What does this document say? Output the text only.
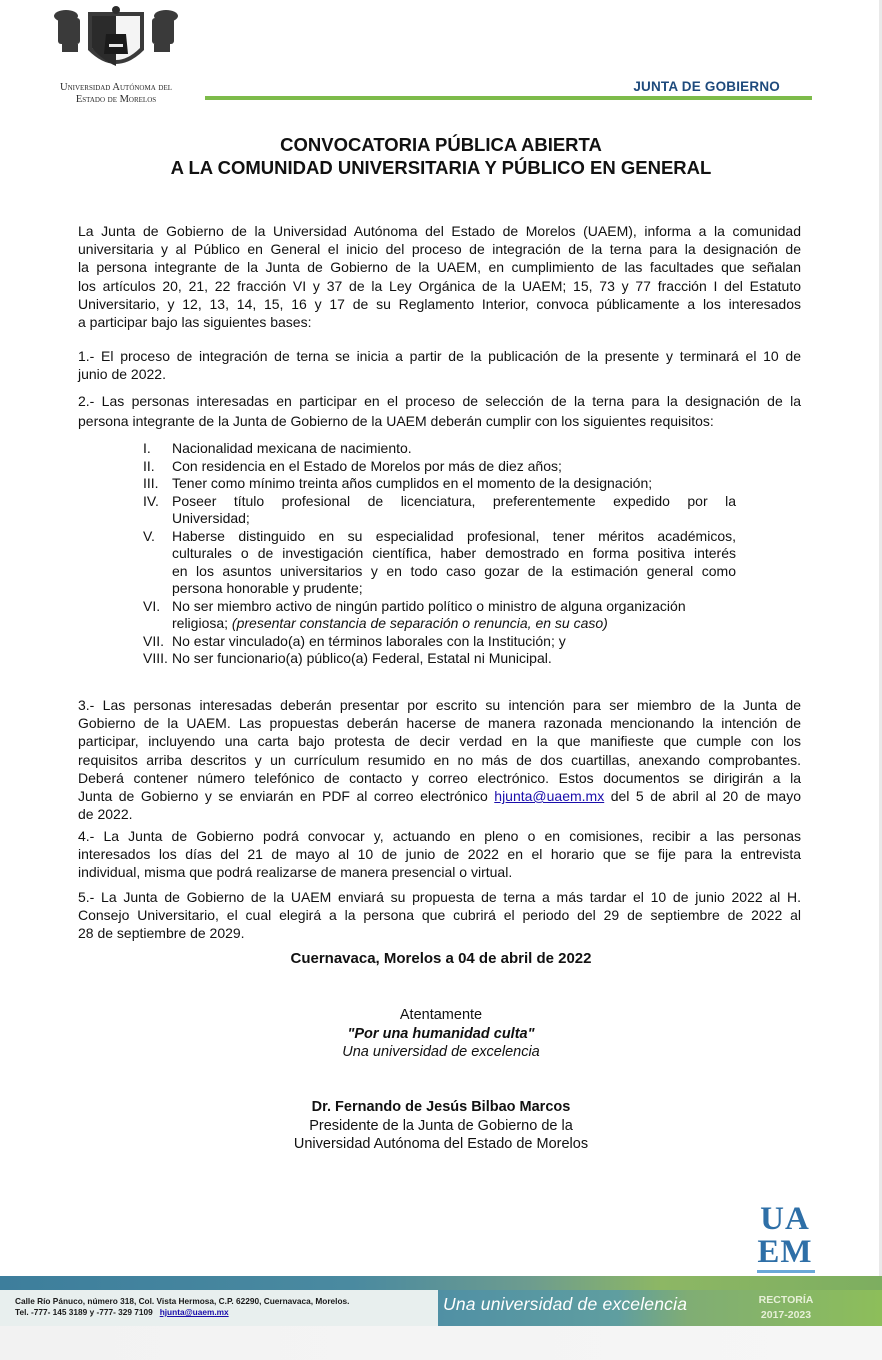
Universidad Autónoma del
Estado de Morelos
JUNTA DE GOBIERNO
CONVOCATORIA PÚBLICA ABIERTA
A LA COMUNIDAD UNIVERSITARIA Y PÚBLICO EN GENERAL
La Junta de Gobierno de la Universidad Autónoma del Estado de Morelos (UAEM), informa a la comunidad
universitaria y al Público en General el inicio del proceso de integración de la terna para la designación de
la persona integrante de la Junta de Gobierno de la UAEM, en cumplimiento de las facultades que señalan
los artículos 20, 21, 22 fracción VI y 37 de la Ley Orgánica de la UAEM; 15, 73 y 77 fracción I del Estatuto
Universitario, y 12, 13, 14, 15, 16 y 17 de su Reglamento Interior, convoca públicamente a los interesados
a participar bajo las siguientes bases:
1.- El proceso de integración de terna se inicia a partir de la publicación de la presente y terminará el 10 de
junio de 2022.
2.- Las personas interesadas en participar en el proceso de selección de la terna para la designación de la
persona integrante de la Junta de Gobierno de la UAEM deberán cumplir con los siguientes requisitos:
I.	Nacionalidad mexicana de nacimiento.
II.	Con residencia en el Estado de Morelos por más de diez años;
III. Tener como mínimo treinta años cumplidos en el momento de la designación;
IV. Poseer título profesional de licenciatura, preferentemente expedido por la
Universidad;
V.	Haberse distinguido en su especialidad profesional, tener méritos académicos,
culturales o de investigación científica, haber demostrado en forma positiva interés
en los asuntos universitarios y en todo caso gozar de la estimación general como
persona honorable y prudente;
VI. No ser miembro activo de ningún partido político o ministro de alguna organización
religiosa; (presentar constancia de separación o renuncia, en su caso)
VII. No estar vinculado(a) en términos laborales con la Institución; y
VIII. No ser funcionario(a) público(a) Federal, Estatal ni Municipal.
3.- Las personas interesadas deberán presentar por escrito su intención para ser miembro de la Junta de
Gobierno de la UAEM. Las propuestas deberán hacerse de manera razonada mencionando la intención de
participar, incluyendo una carta bajo protesta de decir verdad en la que manifieste que cumple con los
requisitos arriba descritos y un currículum resumido en no más de dos cuartillas, anexando comprobantes.
Deberá contener número telefónico de contacto y correo electrónico. Estos documentos se dirigirán a la
Junta de Gobierno y se enviarán en PDF al correo electrónico hjunta@uaem.mx del 5 de abril al 20 de mayo
de 2022.
4.- La Junta de Gobierno podrá convocar y, actuando en pleno o en comisiones, recibir a las personas
interesados los días del 21 de mayo al 10 de junio de 2022 en el horario que se fije para la entrevista
individual, misma que podrá realizarse de manera presencial o virtual.
5.- La Junta de Gobierno de la UAEM enviará su propuesta de terna a más tardar el 10 de junio 2022 al H.
Consejo Universitario, el cual elegirá a la persona que cubrirá el periodo del 29 de septiembre de 2022 al
28 de septiembre de 2029.
Cuernavaca, Morelos a 04 de abril de 2022
Atentamente
"Por una humanidad culta"
Una universidad de excelencia
Dr. Fernando de Jesús Bilbao Marcos
Presidente de la Junta de Gobierno de la
Universidad Autónoma del Estado de Morelos
UA
EM
Calle Río Pánuco, número 318, Col. Vista Hermosa, C.P. 62290, Cuernavaca, Morelos.
Tel. -777- 145 3189 y -777- 329 7109 hjunta@uaem.mx	Una universidad de excelencia	RECTORÍA
2017-2023
